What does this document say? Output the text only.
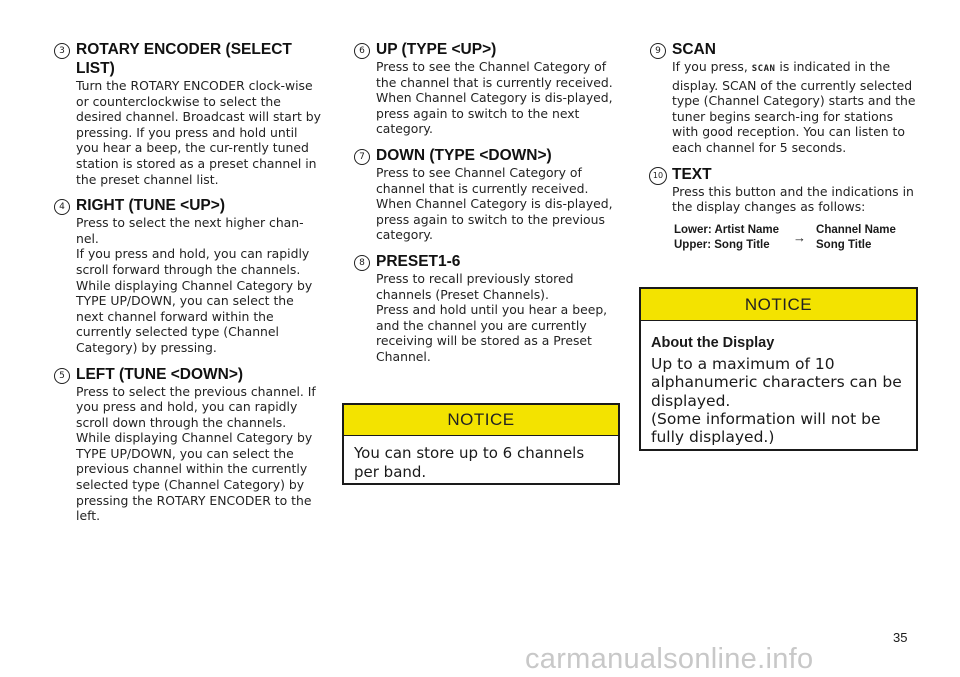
3 ROTARY ENCODER (SELECT
LIST)

Turn the ROTARY ENCODER clock-wise or counterclockwise to select the desired channel. Broadcast will start by pressing. If you press and hold until you hear a beep, the cur-rently tuned station is stored as a preset channel in the preset channel list.

4 RIGHT (TUNE <UP>)

Press to select the next higher chan-nel.

If you press and hold, you can rapidly scroll forward through the channels. While displaying Channel Category by TYPE UP/DOWN, you can select the next channel forward within the currently selected type (Channel Category) by pressing.

5 LEFT (TUNE <DOWN>)

Press to select the previous channel. If you press and hold, you can rapidly scroll down through the channels. While displaying Channel Category by TYPE UP/DOWN, you can select the previous channel within the currently selected type (Channel Category) by pressing the ROTARY ENCODER to the left.

6 UP (TYPE <UP>)

Press to see the Channel Category of the channel that is currently received.

When Channel Category is dis-played, press again to switch to the next category.

7 DOWN (TYPE <DOWN>)

Press to see Channel Category of channel that is currently received.

When Channel Category is dis-played, press again to switch to the previous category.

8 PRESET1-6

Press to recall previously stored channels (Preset Channels).

Press and hold until you hear a beep, and the channel you are currently receiving will be stored as a Preset Channel.

9 SCAN

If you press, SCAN is indicated in the display. SCAN of the currently selected type (Channel Category) starts and the tuner begins search-ing for stations with good reception. You can listen to each channel for 5 seconds.

10 TEXT

Press this button and the indications in the display changes as follows:

Lower: Artist Name
Upper: Song Title	→
Channel Name
Song Title
NOTICE
You can store up to 6 channels per band.
NOTICE
About the Display
Up to a maximum of 10 alphanumeric characters can be displayed.
(Some information will not be fully displayed.)
35
carmanualsonline.info
